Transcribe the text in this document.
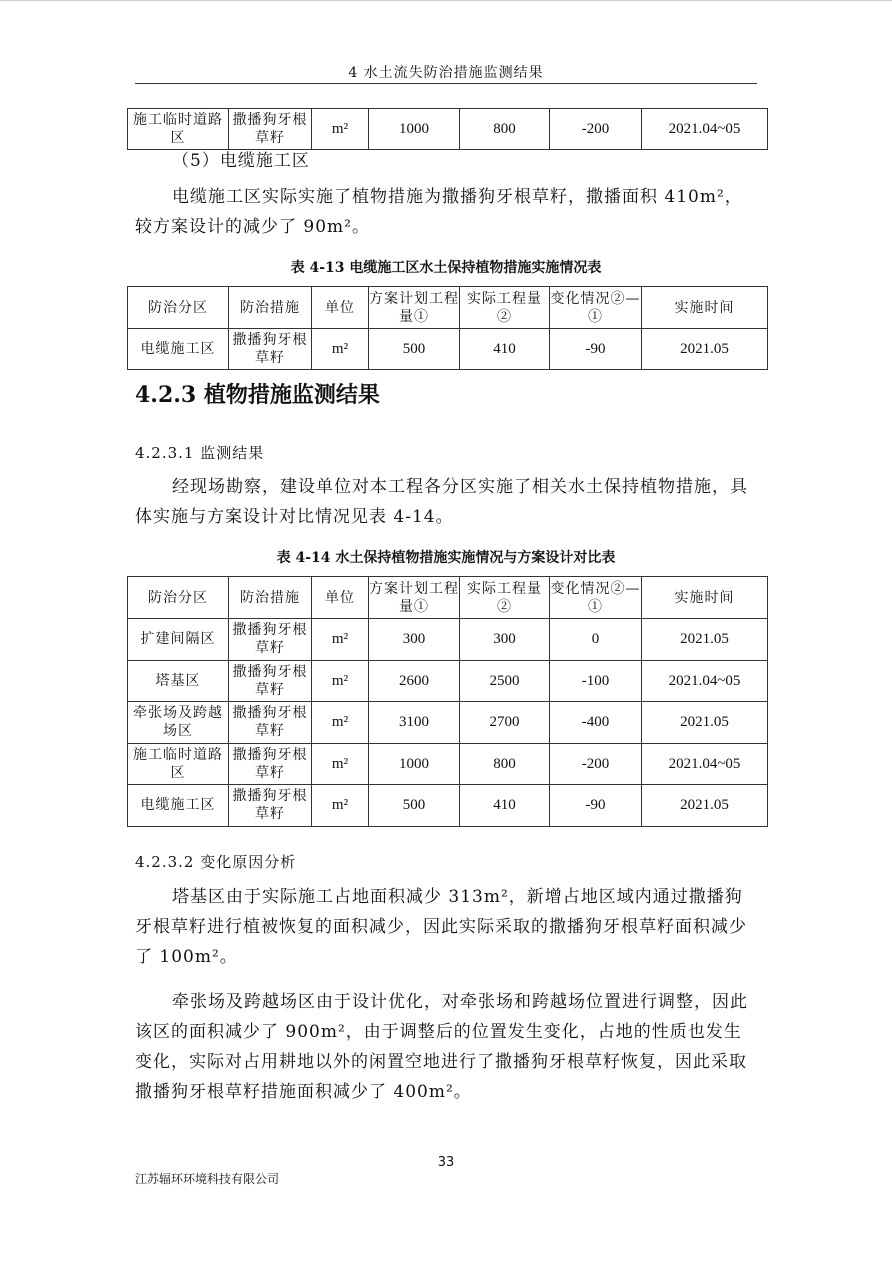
4 水土流失防治措施监测结果
施工临时道路区	撒播狗牙根草籽	m²	1000	800	-200	2021.04~05
（5）电缆施工区
电缆施工区实际实施了植物措施为撒播狗牙根草籽，撒播面积 410m²，较方案设计的减少了 90m²。
表 4-13 电缆施工区水土保持植物措施实施情况表
防治分区	防治措施	单位	方案计划工程量①	实际工程量②	变化情况②—①	实施时间
电缆施工区	撒播狗牙根草籽	m²	500	410	-90	2021.05
4.2.3 植物措施监测结果
4.2.3.1 监测结果
经现场勘察，建设单位对本工程各分区实施了相关水土保持植物措施，具体实施与方案设计对比情况见表 4-14。
表 4-14 水土保持植物措施实施情况与方案设计对比表
防治分区	防治措施	单位	方案计划工程量①	实际工程量②	变化情况②—①	实施时间
扩建间隔区	撒播狗牙根草籽	m²	300	300	0	2021.05
塔基区	撒播狗牙根草籽	m²	2600	2500	-100	2021.04~05
牵张场及跨越场区	撒播狗牙根草籽	m²	3100	2700	-400	2021.05
施工临时道路区	撒播狗牙根草籽	m²	1000	800	-200	2021.04~05
电缆施工区	撒播狗牙根草籽	m²	500	410	-90	2021.05
4.2.3.2 变化原因分析
塔基区由于实际施工占地面积减少 313m²，新增占地区域内通过撒播狗牙根草籽进行植被恢复的面积减少，因此实际采取的撒播狗牙根草籽面积减少了 100m²。
牵张场及跨越场区由于设计优化，对牵张场和跨越场位置进行调整，因此该区的面积减少了 900m²，由于调整后的位置发生变化，占地的性质也发生变化，实际对占用耕地以外的闲置空地进行了撒播狗牙根草籽恢复，因此采取撒播狗牙根草籽措施面积减少了 400m²。
33
江苏辐环环境科技有限公司
